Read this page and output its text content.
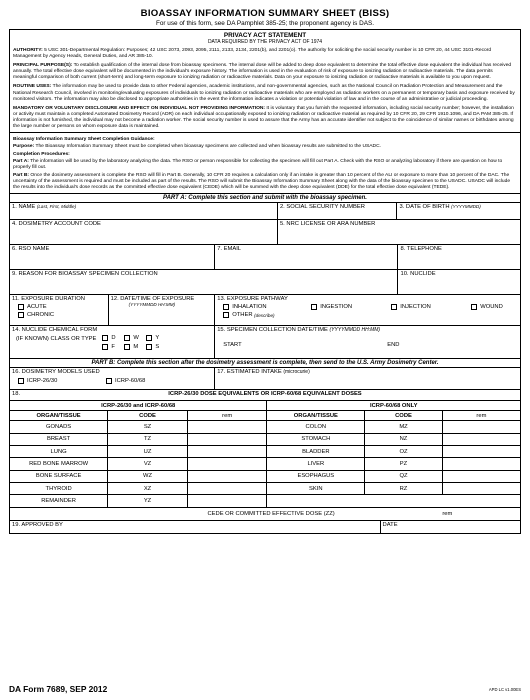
BIOASSAY INFORMATION SUMMARY SHEET (BISS)
For use of this form, see DA Pamphlet 385-25; the proponent agency is DAS.
PRIVACY ACT STATEMENT
DATA REQUIRED BY THE PRIVACY ACT OF 1974
AUTHORITY: 5 USC 301-Departmental Regulation: Purposes; 42 USC 2073, 2093, 2095, 2111, 2133, 2134, 2201(b), and 2201(o). The authority for soliciting the social security number is 10 CFR 20, 44 USC 3101-Record Management by Agency Heads, General Duties, and AR 385-10.
PRINCIPAL PURPOSE(S): To establish qualification of the internal dose from bioassay specimens. The internal dose will be added to deep dose equivalent to determine the total effective dose equivalent the individual has received annually. The total effective dose equivalent will be documented in the individual's exposure history. The information is used in the evaluation of risk of exposure to ionizing radiation or radioactive materials. The data permits meaningful comparison of both current (short-term) and long-term exposure to ionizing radiation or radioactive materials. Data on your exposure to ionizing radiation or radioactive materials is available to you upon request.
ROUTINE USES: The information may be used to provide data to other Federal agencies, academic institutions, and non-governmental agencies, such as the National Council on Radiation Protection and Measurement and the National Research Council, involved in monitoring/evaluating exposures of individuals to ionizing radiation or radioactive materials who are employed as radiation workers on a permanent or temporary basis and exposure received by monitored visitors. The information may also be disclosed to appropriate authorities in the event the information indicates a violation or potential violation of law and in the course of an administrative or judicial proceeding.
MANDATORY OR VOLUNTARY DISCLOSURE AND EFFECT ON INDIVIDUAL NOT PROVIDING INFORMATION: It is voluntary that you furnish the requested information, including social security number; however, the installation or activity must maintain a completed Automated Dosimetry Record (ADR) on each individual occupationally exposed to ionizing radiation or radioactive material as required by 10 CFR 20, 29 CFR 1910.1096, and DA PAM 385-25. If information is not furnished, the individual may not become a radiation worker. The social security number is used to assure that the Army has an accurate identifier not subject to the coincidence of similar names or birthdates among the large number or persons on whom exposure data is maintained.
Bioassay Information Summary Sheet Completion Guidance:
Purpose: The Bioassay Information Summary Sheet must be completed when bioassay specimens are collected and when bioassay results are submitted to the USADC.
Completion Procedures:
Part A: The information will be used by the laboratory analyzing the data. The RSO or person responsible for collecting the specimen will fill out Part A. Check with the RSO or analyzing laboratory if there are question on how to properly fill out.
Part B: Once the dosimetry assessment is complete the RSO will fill in Part B. Generally, 10 CFR 20 requires a calculation only if an intake is greater than 10 percent of the ALI or exposure to more than 10 percent of the DAC. The uncertainty of the assessment is required and must be included as part of the results. The RSO will submit the Bioassay Information Summary Sheet along with the data of the bioassay specimen to the USADC. USADC will include the results into the individual's dose records as the committed effective dose equivalent (CEDE) which will be summed with the deep dose equivalent (DDE) for the total effective dose equivalent (TEDE).
PART A: Complete this section and submit with the bioassay specimen.
1. NAME (Last, First, Middle)	2. SOCIAL SECURITY NUMBER	3. DATE OF BIRTH (YYYYMMDD)
4. DOSIMETRY ACCOUNT CODE	5. NRC LICENSE OR ARA NUMBER
6. RSO NAME	7. EMAIL	8. TELEPHONE
9. REASON FOR BIOASSAY SPECIMEN COLLECTION	10. NUCLIDE
11. EXPOSURE DURATION
ACUTE
CHRONIC
12. DATE/TIME OF EXPOSURE
(YYYYMMDD HH:MM)
13. EXPOSURE PATHWAY
INHALATION	INGESTION	INJECTION	WOUND
OTHER
(describe)
14. NUCLIDE CHEMICAL FORM
(IF KNOWN) CLASS OR TYPE	D	W	Y
F	M	S
15. SPECIMEN COLLECTION DATE/TIME (YYYYMMDD HH:MM)
START	END
PART B: Complete this section after the dosimetry assessment is complete, then send to the U.S. Army Dosimetry Center.
16. DOSIMETRY MODELS USED
ICRP-26/30	ICRP-60/68
17. ESTIMATED INTAKE (microcurie)
18.	ICRP-26/30 DOSE EQUIVALENTS OR ICRP-60/68 EQUIVALENT DOSES
ICRP-26/30 and ICRP-60/68			ICRP-60/68 ONLY		
ORGAN/TISSUE	CODE	rem	ORGAN/TISSUE	CODE	rem
GONADS	SZ		COLON	MZ	
BREAST	TZ		STOMACH	NZ	
LUNG	UZ		BLADDER	OZ	
RED BONE MARROW	VZ		LIVER	PZ	
BONE SURFACE	WZ		ESOPHAGUS	QZ	
THYROID	XZ		SKIN	RZ	
REMAINDER	YZ				
CEDE OR COMMITTED EFFECTIVE DOSE (ZZ)					rem
19. APPROVED BY	DATE
DA Form 7689, SEP 2012	APD LC v1.00ES
